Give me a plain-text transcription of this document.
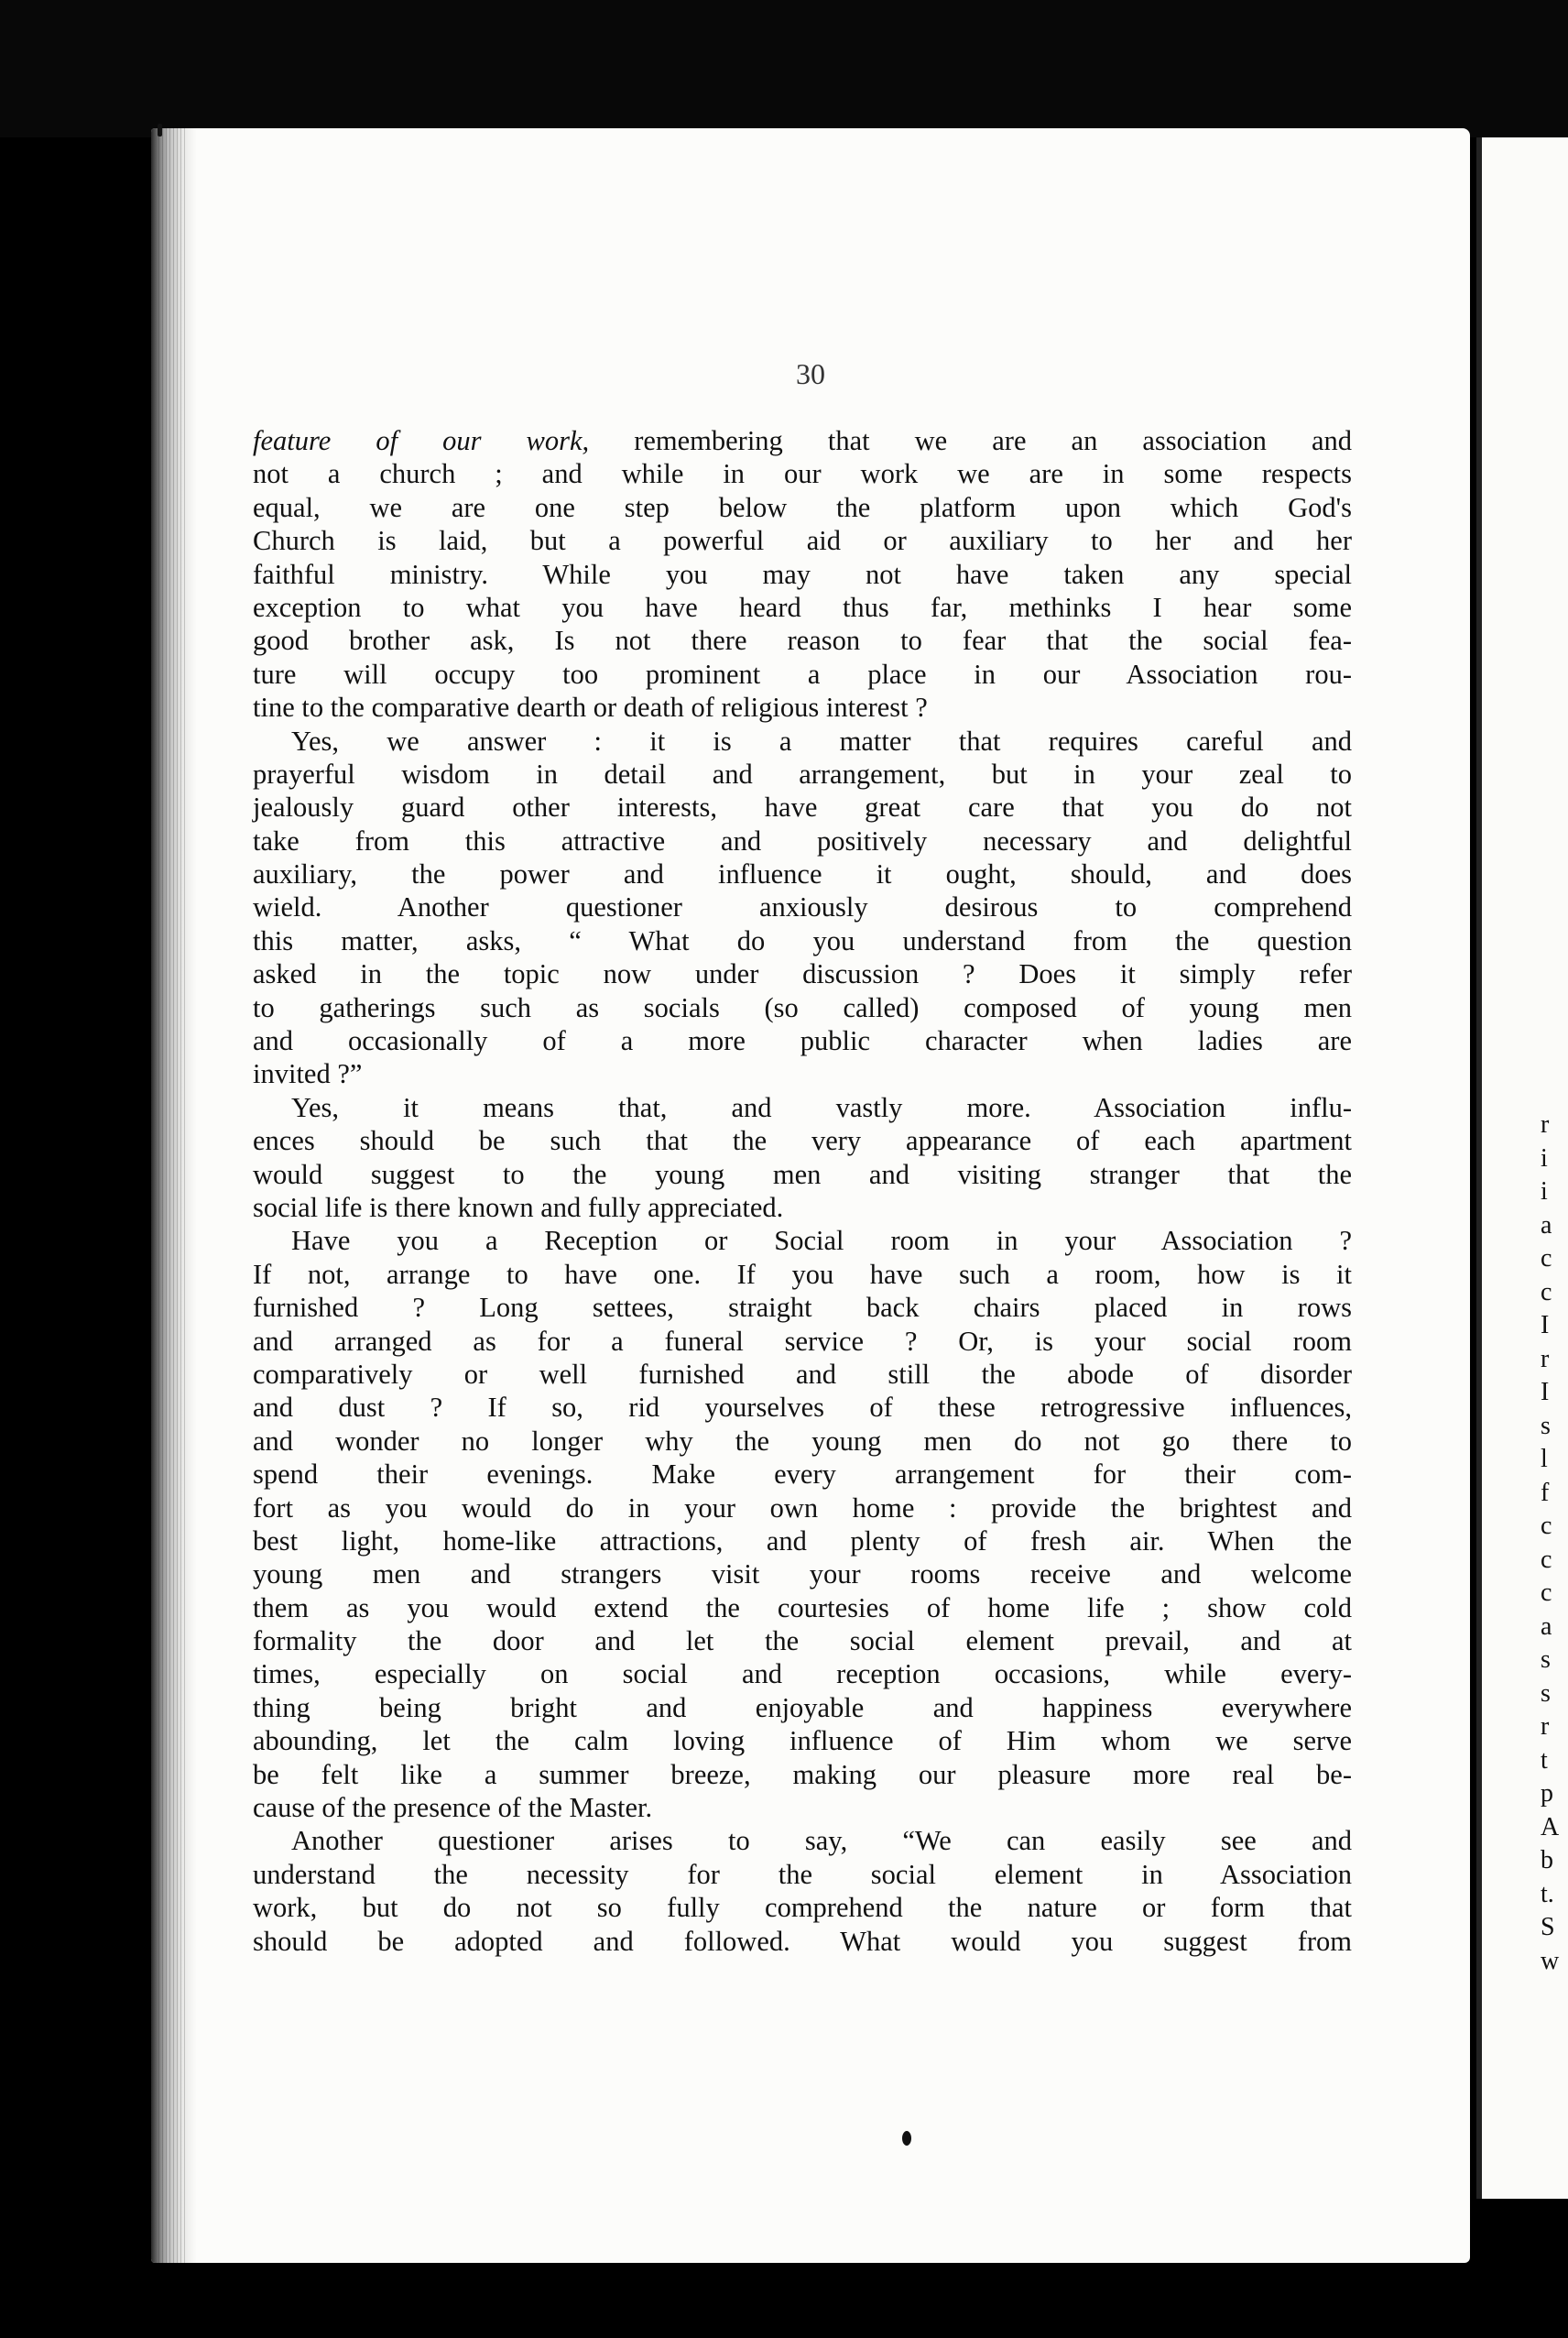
r
i
i
a
c
c
I
r
I
s
l
f
c
c
c
a
s
s
r
t
p
A
b
t.
S
w
30
feature of our work, remembering that we are an association and
not a church ; and while in our work we are in some respects
equal, we are one step below the platform upon which God's
Church is laid, but a powerful aid or auxiliary to her and her
faithful ministry. While you may not have taken any special
exception to what you have heard thus far, methinks I hear some
good brother ask, Is not there reason to fear that the social fea-
ture will occupy too prominent a place in our Association rou-
tine to the comparative dearth or death of religious interest ?
Yes, we answer : it is a matter that requires careful and
prayerful wisdom in detail and arrangement, but in your zeal to
jealously guard other interests, have great care that you do not
take from this attractive and positively necessary and delightful
auxiliary, the power and influence it ought, should, and does
wield. Another questioner anxiously desirous to comprehend
this matter, asks, “ What do you understand from the question
asked in the topic now under discussion ? Does it simply refer
to gatherings such as socials (so called) composed of young men
and occasionally of a more public character when ladies are
invited ?”
Yes, it means that, and vastly more. Association influ-
ences should be such that the very appearance of each apartment
would suggest to the young men and visiting stranger that the
social life is there known and fully appreciated.
Have you a Reception or Social room in your Association ?
If not, arrange to have one. If you have such a room, how is it
furnished ? Long settees, straight back chairs placed in rows
and arranged as for a funeral service ? Or, is your social room
comparatively or well furnished and still the abode of disorder
and dust ? If so, rid yourselves of these retrogressive influences,
and wonder no longer why the young men do not go there to
spend their evenings. Make every arrangement for their com-
fort as you would do in your own home : provide the brightest and
best light, home-like attractions, and plenty of fresh air. When the
young men and strangers visit your rooms receive and welcome
them as you would extend the courtesies of home life ; show cold
formality the door and let the social element prevail, and at
times, especially on social and reception occasions, while every-
thing being bright and enjoyable and happiness everywhere
abounding, let the calm loving influence of Him whom we serve
be felt like a summer breeze, making our pleasure more real be-
cause of the presence of the Master.
Another questioner arises to say, “We can easily see and
understand the necessity for the social element in Association
work, but do not so fully comprehend the nature or form that
should be adopted and followed. What would you suggest from
